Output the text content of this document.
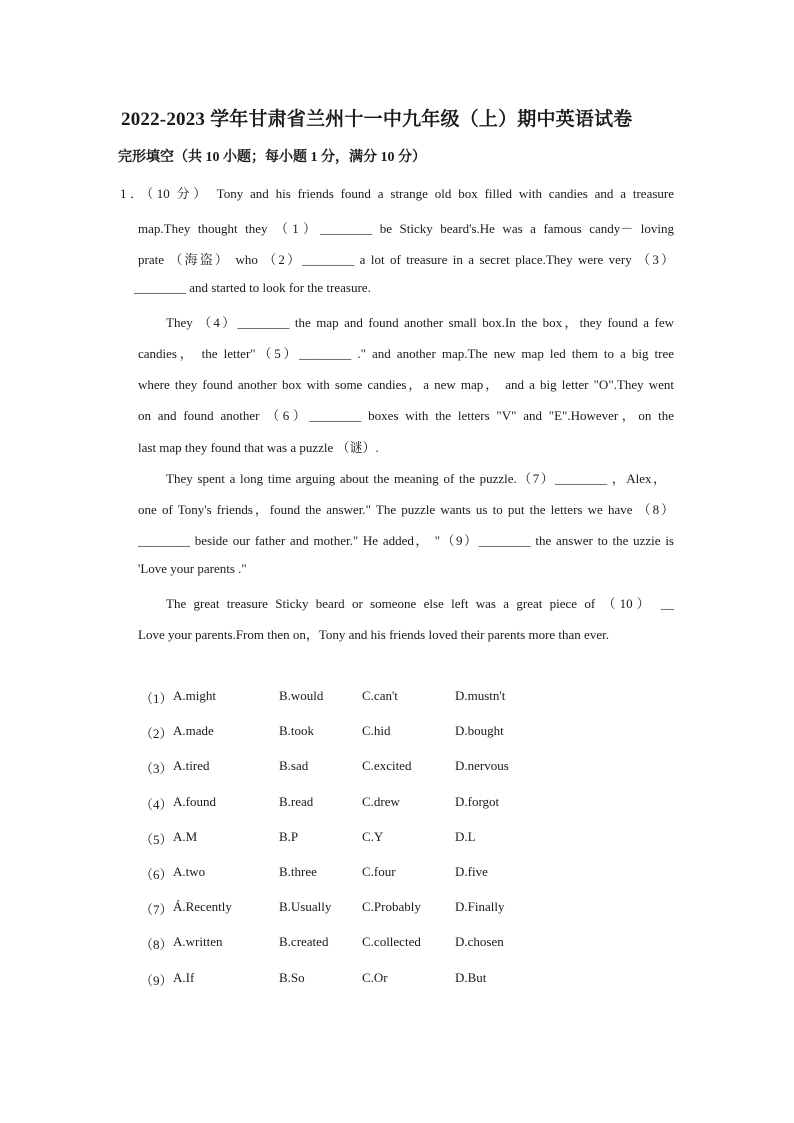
2022-2023 学年甘肃省兰州十一中九年级（上）期中英语试卷
完形填空（共 10 小题；每小题 1 分，满分 10 分）
1．（10 分） Tony and his friends found a strange old box filled with candies and a treasure
map.They thought they （1）________ be Sticky beard's.He was a famous candy－ loving
prate （海盗） who （2）________ a lot of treasure in a secret place.They were very （3）
________ and started to look for the treasure.
They （4）________ the map and found another small box.In the box，they found a few
candies， the letter"（5）________ ." and another map.The new map led them to a big tree
where they found another box with some candies，a new map， and a big letter "O".They went
on and found another （6）________ boxes with the letters "V" and "E".However，on the
last map they found that was a puzzle （谜）.
They spent a long time arguing about the meaning of the puzzle.（7）________ ，Alex，
one of Tony's friends，found the answer." The puzzle wants us to put the letters we have （8）
________ beside our father and mother." He added， "（9）________ the answer to the uzzie is
'Love your parents ."
The great treasure Sticky beard or someone else left was a great piece of （10） __
Love your parents.From then on，Tony and his friends loved their parents more than ever.
（1） A.might	B.would	C.can't	D.mustn't
（2） A.made	B.took	C.hid	D.bought
（3） A.tired	B.sad	C.excited	D.nervous
（4） A.found	B.read	C.drew	D.forgot
（5） A.M	B.P	C.Y	D.L
（6） A.two	B.three	C.four	D.five
（7） Á.Recently	B.Usually C.Probably	D.Finally
（8） A.written	B.created	C.collected	D.chosen
（9） A.If	B.So	C.Or	D.But
